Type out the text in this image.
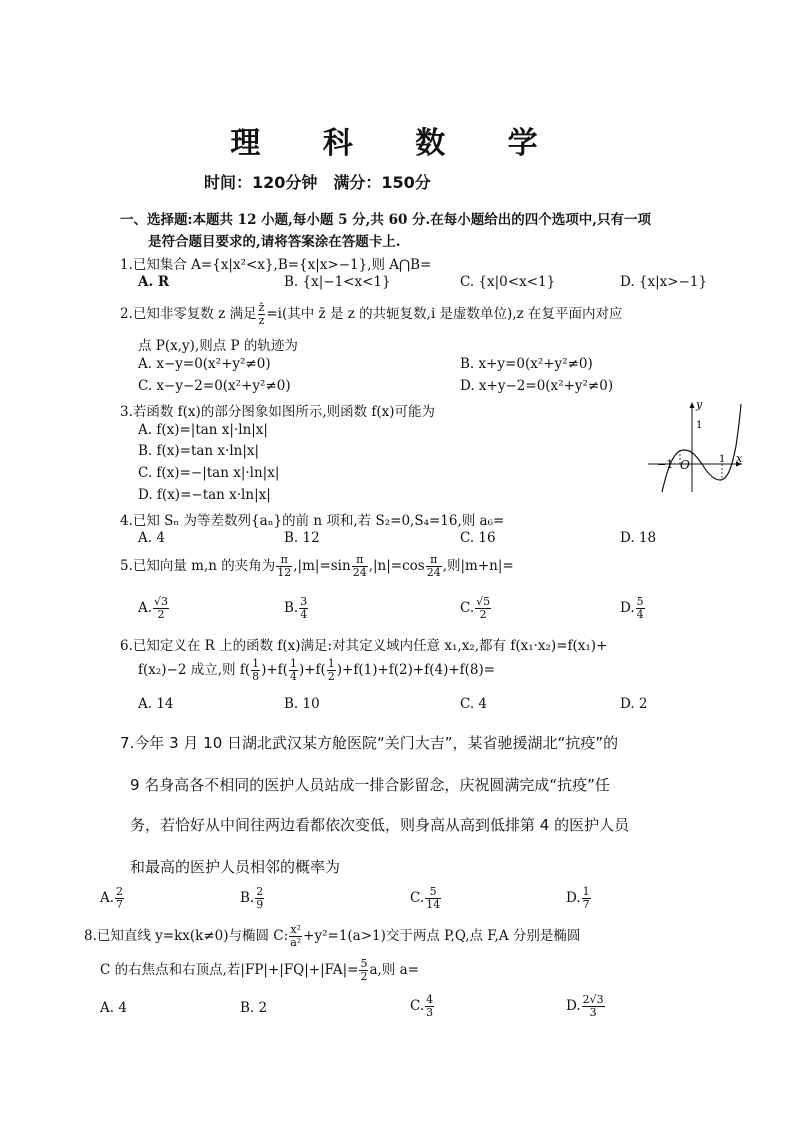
理 科 数 学
时间：120分钟　满分：150分
一、选择题:本题共 12 小题,每小题 5 分,共 60 分.在每小题给出的四个选项中,只有一项
是符合题目要求的,请将答案涂在答题卡上.
1.已知集合 A={x|x²<x},B={x|x>−1},则 A⋂B=
A. R	B. {x|−1<x<1}	C. {x|0<x<1}	D. {x|x>−1}
2.已知非零复数 z 满足 $\frac{z̄}{z} =i$(其中 z̄ 是 z 的共轭复数,i 是虚数单位),z 在复平面内对应
点 P(x,y),则点 P 的轨迹为
A. x−y=0(x²+y²≠0)	B. x+y=0(x²+y²≠0)
C. x−y−2=0(x²+y²≠0)	D. x+y−2=0(x²+y²≠0)
3.若函数 f(x)的部分图象如图所示,则函数 f(x)可能为
A. f(x)=|tan x|·ln|x|
B. f(x)=tan x·ln|x|
C. f(x)=−|tan x|·ln|x|
D. f(x)=−tan x·ln|x|
y
x
1
−1 O	1
4.已知 Sₙ 为等差数列{aₙ}的前 n 项和,若 S₂=0,S₄=16,则 a₆=
A. 4	B. 12	C. 16	D. 18
5.已知向量 m,n 的夹角为 $\frac{\pi}{12} ,|m|=\sin \frac{\pi}{24} ,|n|=\cos \frac{\pi}{24}$ ,则|m+n|=
A. $\frac{√3}{2}$	B. $\frac{3}{4}$	C. $\frac{√5}{2}$	D. $\frac{5}{4}$
6.已知定义在 R 上的函数 f(x)满足:对其定义域内任意 x₁,x₂,都有 f(x₁·x₂)=f(x₁)+
f(x₂)−2 成立,则 $f( \frac{1}{8} )+f( \frac{1}{4} )+f( \frac{1}{2} )+f(1)+f(2)+f(4)+f(8)=$
A. 14	B. 10	C. 4	D. 2
7.今年 3 月 10 日湖北武汉某方舱医院“关门大吉”，某省驰援湖北“抗疫”的
9 名身高各不相同的医护人员站成一排合影留念，庆祝圆满完成“抗疫”任
务，若恰好从中间往两边看都依次变低，则身高从高到低排第 4 的医护人员
和最高的医护人员相邻的概率为
A. $\frac{2}{7}$	B. $\frac{2}{9}$	C. $\frac{5}{14}$	D. $\frac{1}{7}$
8.已知直线 y=kx(k≠0)与椭圆 C: $\frac{\text{x²}}{\text{a²}} +y^2=1(a>1)$交于两点 P,Q,点 F,A 分别是椭圆
C 的右焦点和右顶点,若$|FP|+|FQ|+|FA|= \frac{5}{2} a$,则 a=
A. 4	B. 2	C. $\frac{4}{3}$	D. $\frac{2√3}{3}$
